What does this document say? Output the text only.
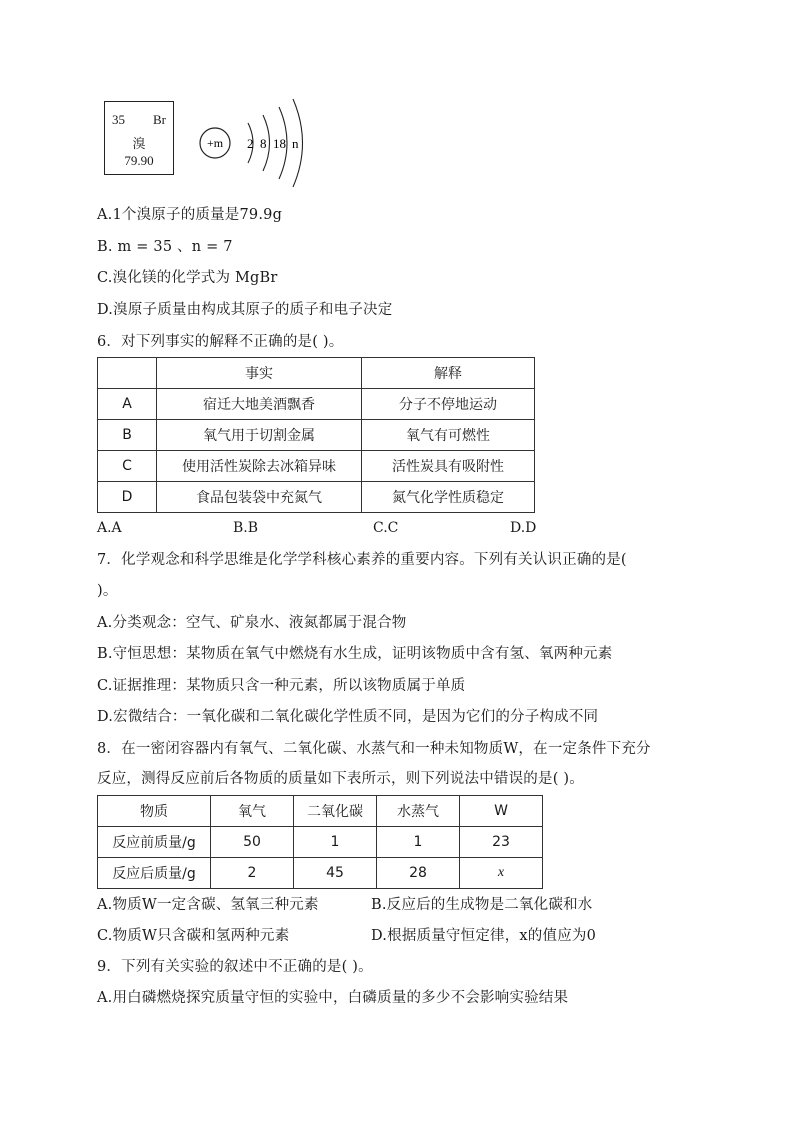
35 Br
溴
79.90
+m 2 8 18 n
A.1个溴原子的质量是79.9g
B. m = 35 、n = 7
C.溴化镁的化学式为 MgBr
D.溴原子质量由构成其原子的质子和电子决定
6．对下列事实的解释不正确的是( )。
	事实	解释
A	宿迁大地美酒飘香	分子不停地运动
B	氧气用于切割金属	氧气有可燃性
C	使用活性炭除去冰箱异味	活性炭具有吸附性
D	食品包装袋中充氮气	氮气化学性质稳定
A.A	B.B	C.C	D.D
7．化学观念和科学思维是化学学科核心素养的重要内容。下列有关认识正确的是(
)。
A.分类观念：空气、矿泉水、液氮都属于混合物
B.守恒思想：某物质在氧气中燃烧有水生成，证明该物质中含有氢、氧两种元素
C.证据推理：某物质只含一种元素，所以该物质属于单质
D.宏微结合：一氧化碳和二氧化碳化学性质不同，是因为它们的分子构成不同
8．在一密闭容器内有氧气、二氧化碳、水蒸气和一种未知物质W，在一定条件下充分
反应，测得反应前后各物质的质量如下表所示，则下列说法中错误的是( )。
物质	氧气	二氧化碳	水蒸气	W
反应前质量/g	50	1	1	23
反应后质量/g	2	45	28	x
A.物质W一定含碳、氢氧三种元素	B.反应后的生成物是二氧化碳和水
C.物质W只含碳和氢两种元素	D.根据质量守恒定律，x的值应为0
9．下列有关实验的叙述中不正确的是( )。
A.用白磷燃烧探究质量守恒的实验中，白磷质量的多少不会影响实验结果
